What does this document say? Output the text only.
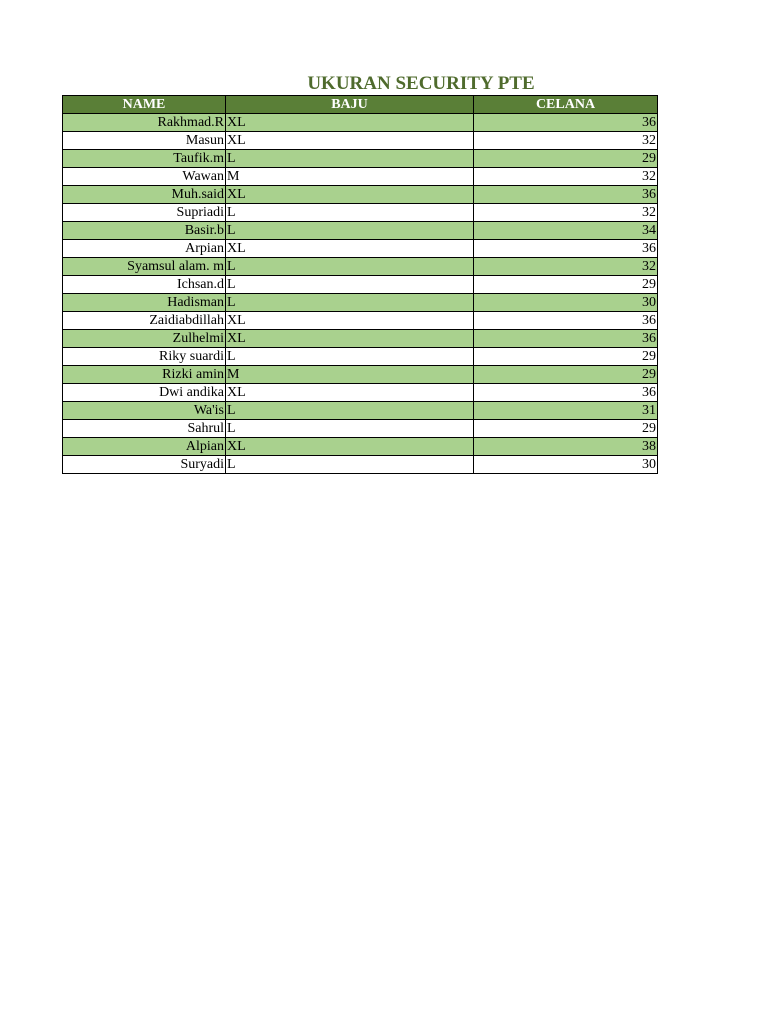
UKURAN SECURITY PTE
NAME	BAJU	CELANA
Rakhmad.R	XL	36
Masun	XL	32
Taufik.m	L	29
Wawan	M	32
Muh.said	XL	36
Supriadi	L	32
Basir.b	L	34
Arpian	XL	36
Syamsul alam. m	L	32
Ichsan.d	L	29
Hadisman	L	30
Zaidiabdillah	XL	36
Zulhelmi	XL	36
Riky suardi	L	29
Rizki amin	M	29
Dwi andika	XL	36
Wa'is	L	31
Sahrul	L	29
Alpian	XL	38
Suryadi	L	30
